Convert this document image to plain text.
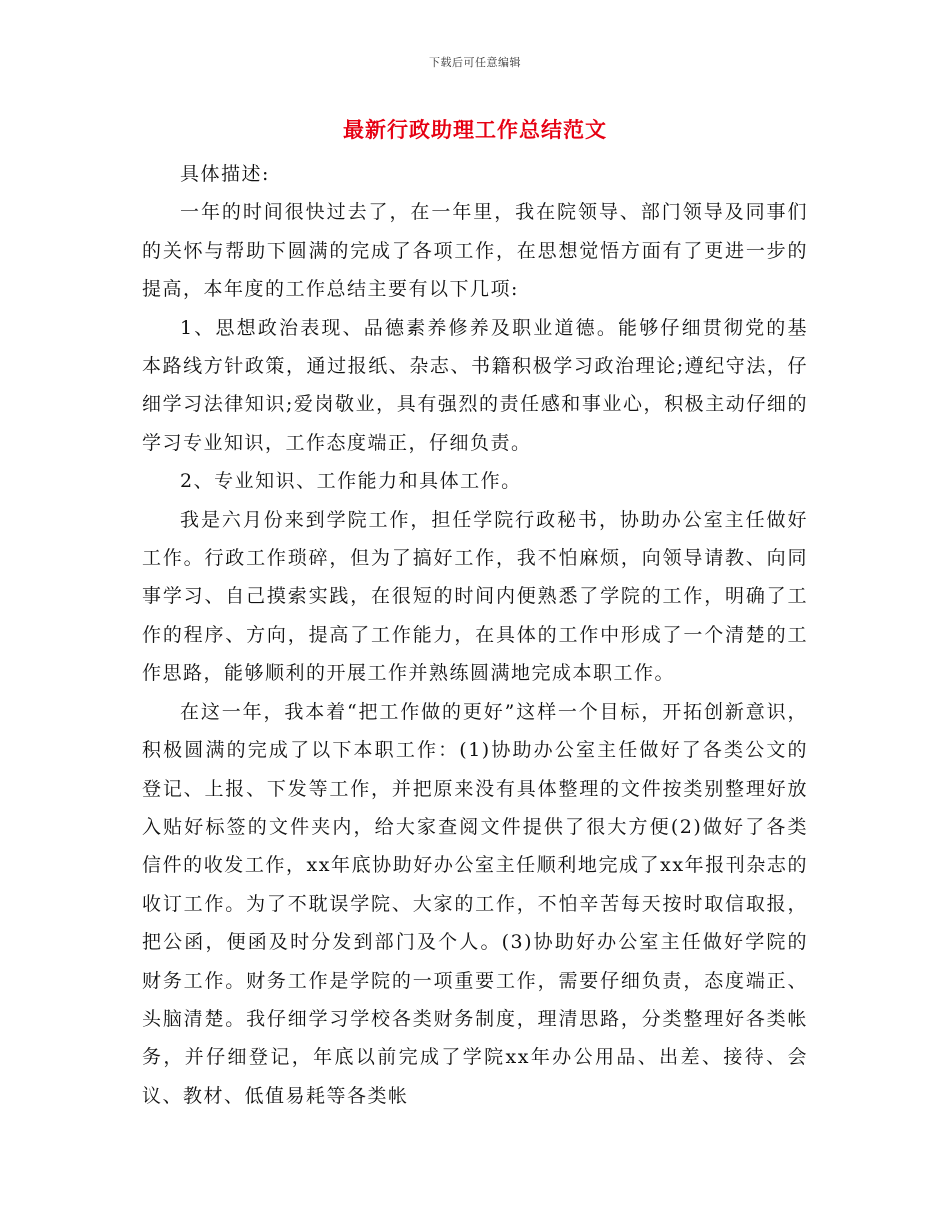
下载后可任意编辑
最新行政助理工作总结范文

具体描述:

一年的时间很快过去了，在一年里，我在院领导、部门领导及同事们的关怀与帮助下圆满的完成了各项工作，在思想觉悟方面有了更进一步的提高，本年度的工作总结主要有以下几项:

1、思想政治表现、品德素养修养及职业道德。能够仔细贯彻党的基本路线方针政策，通过报纸、杂志、书籍积极学习政治理论;遵纪守法，仔细学习法律知识;爱岗敬业，具有强烈的责任感和事业心，积极主动仔细的学习专业知识，工作态度端正，仔细负责。

2、专业知识、工作能力和具体工作。

我是六月份来到学院工作，担任学院行政秘书，协助办公室主任做好工作。行政工作琐碎，但为了搞好工作，我不怕麻烦，向领导请教、向同事学习、自己摸索实践，在很短的时间内便熟悉了学院的工作，明确了工作的程序、方向，提高了工作能力，在具体的工作中形成了一个清楚的工作思路，能够顺利的开展工作并熟练圆满地完成本职工作。

在这一年，我本着“把工作做的更好”这样一个目标，开拓创新意识，积极圆满的完成了以下本职工作：(1)协助办公室主任做好了各类公文的登记、上报、下发等工作，并把原来没有具体整理的文件按类别整理好放入贴好标签的文件夹内，给大家查阅文件提供了很大方便(2)做好了各类信件的收发工作，xx年底协助好办公室主任顺利地完成了xx年报刊杂志的收订工作。为了不耽误学院、大家的工作，不怕辛苦每天按时取信取报，把公函，便函及时分发到部门及个人。(3)协助好办公室主任做好学院的财务工作。财务工作是学院的一项重要工作，需要仔细负责，态度端正、头脑清楚。我仔细学习学校各类财务制度，理清思路，分类整理好各类帐务，并仔细登记，年底以前完成了学院xx年办公用品、出差、接待、会议、教材、低值易耗等各类帐
